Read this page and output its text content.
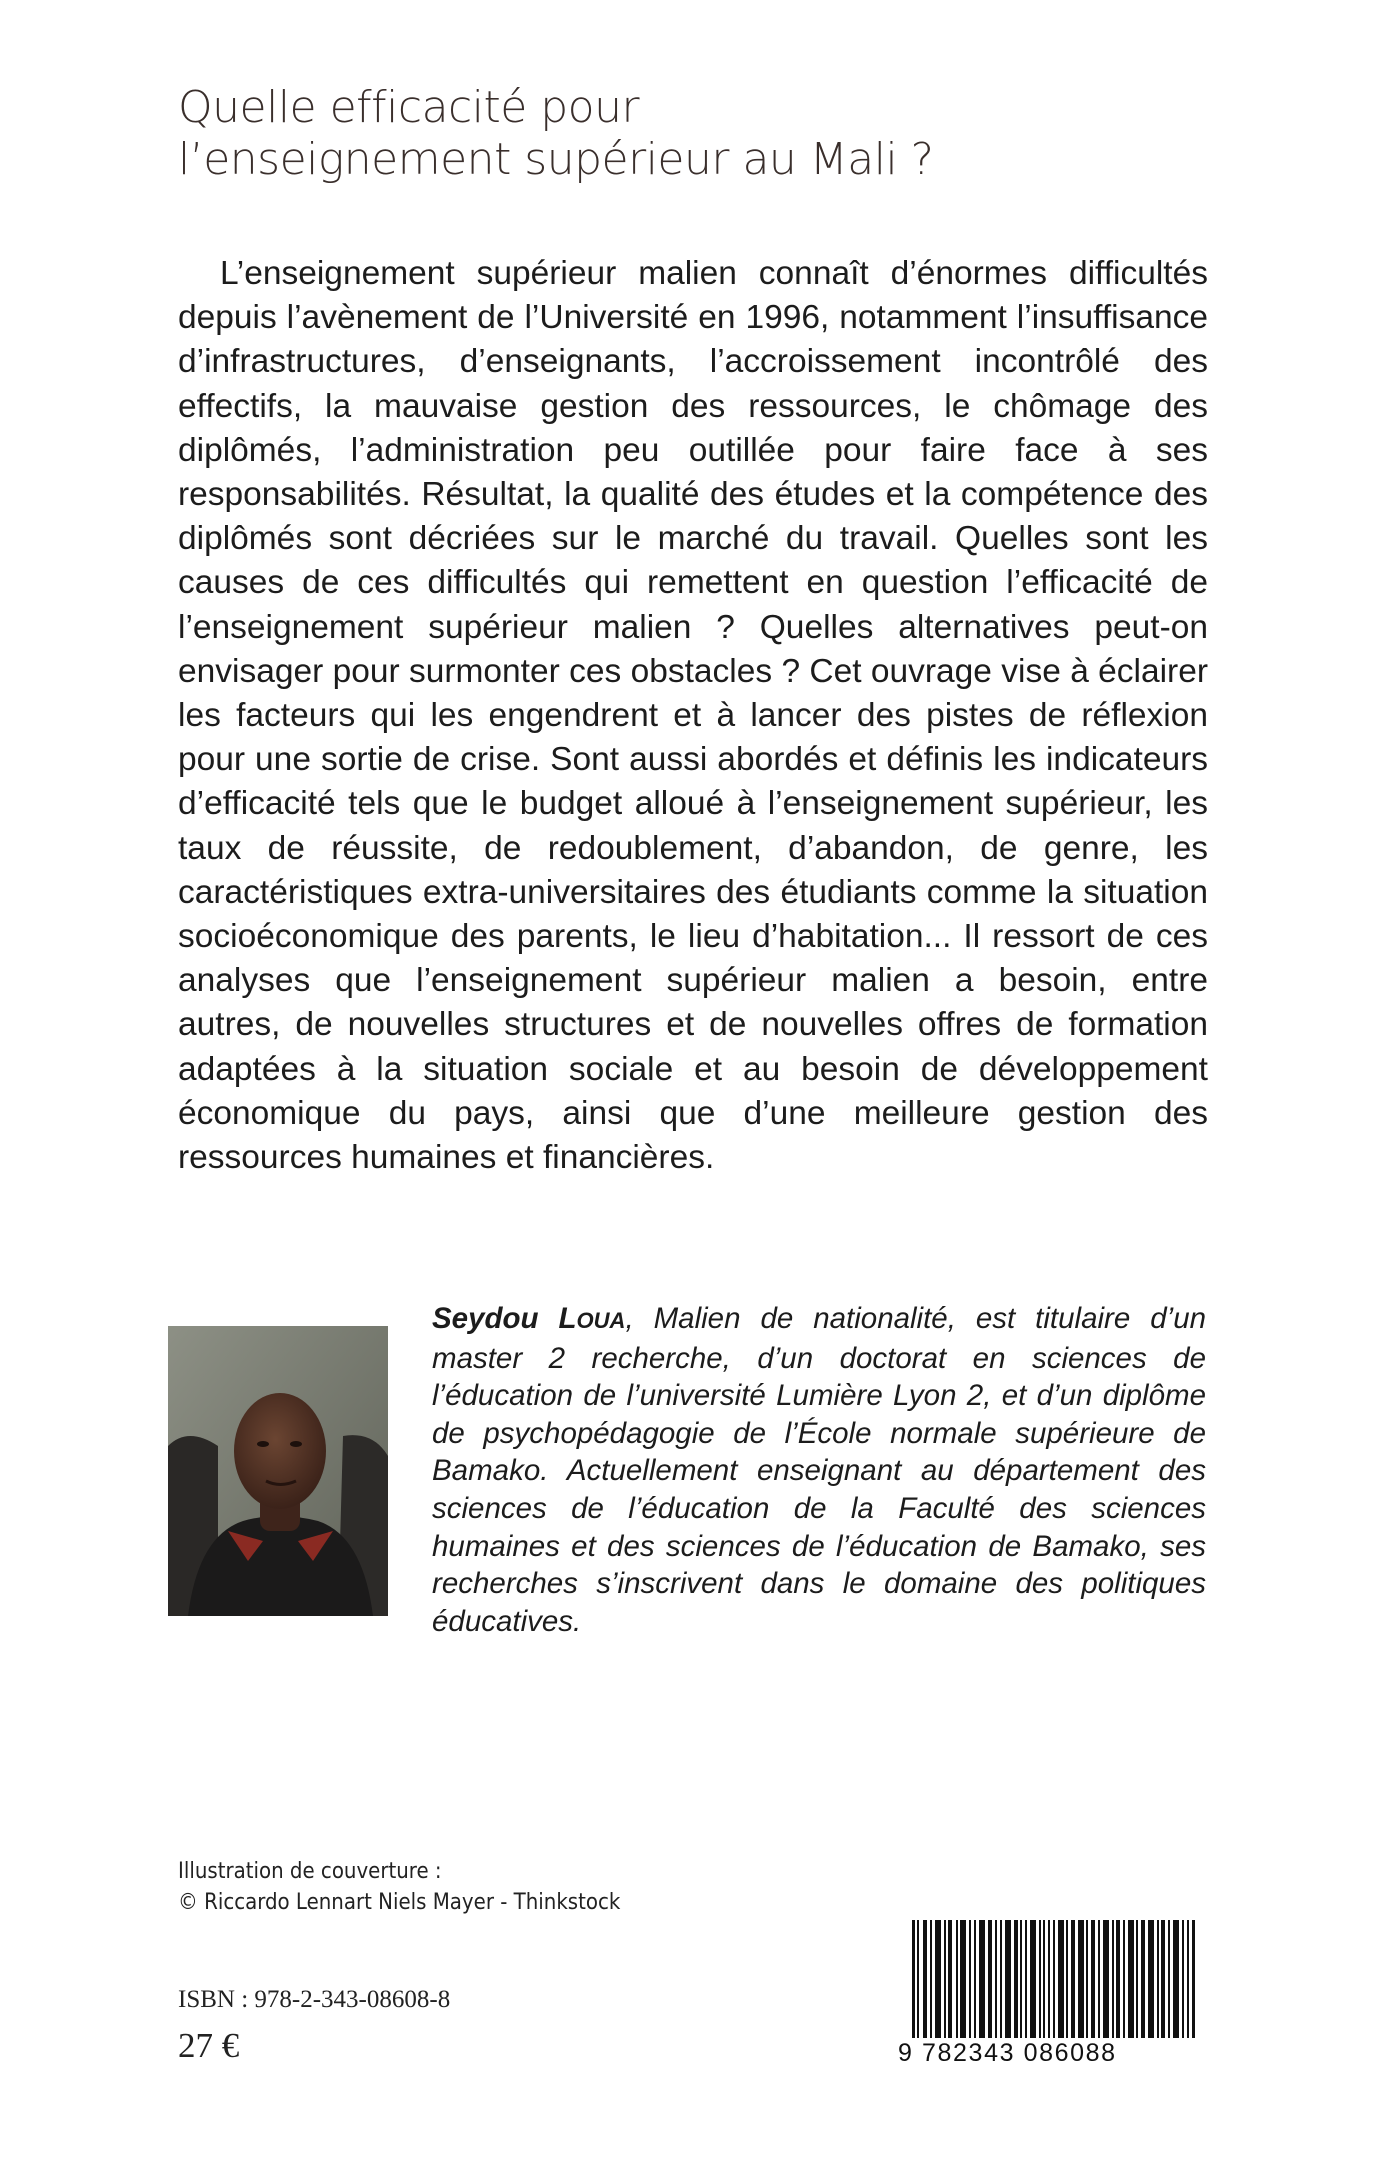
Quelle efficacité pour
l’enseignement supérieur au Mali ?

L’enseignement supérieur malien connaît d’énormes difficultés depuis l’avènement de l’Université en 1996, notamment l’insuffisance d’infrastructures, d’enseignants, l’accroissement incontrôlé des effectifs, la mauvaise gestion des ressources, le chômage des diplômés, l’administration peu outillée pour faire face à ses responsabilités. Résultat, la qualité des études et la compétence des diplômés sont décriées sur le marché du travail. Quelles sont les causes de ces difficultés qui remettent en question l’efficacité de l’enseignement supérieur malien ? Quelles alternatives peut-on envisager pour surmonter ces obstacles ? Cet ouvrage vise à éclairer les facteurs qui les engendrent et à lancer des pistes de réflexion pour une sortie de crise. Sont aussi abordés et définis les indicateurs d’efficacité tels que le budget alloué à l’enseignement supérieur, les taux de réussite, de redoublement, d’abandon, de genre, les caractéristiques extra-universitaires des étudiants comme la situation socioéconomique des parents, le lieu d’habitation... Il ressort de ces analyses que l’enseignement supérieur malien a besoin, entre autres, de nouvelles structures et de nouvelles offres de formation adaptées à la situation sociale et au besoin de développement économique du pays, ainsi que d’une meilleure gestion des ressources humaines et financières.

Seydou LOUA, Malien de nationalité, est titulaire d’un master 2 recherche, d’un doctorat en sciences de l’éducation de l’université Lumière Lyon 2, et d’un diplôme de psychopédagogie de l’École normale supérieure de Bamako. Actuellement enseignant au département des sciences de l’éducation de la Faculté des sciences humaines et des sciences de l’éducation de Bamako, ses recherches s’inscrivent dans le domaine des politiques éducatives.

Illustration de couverture :
© Riccardo Lennart Niels Mayer - Thinkstock
ISBN : 978-2-343-08608-8
27 €	9 782343 086088
